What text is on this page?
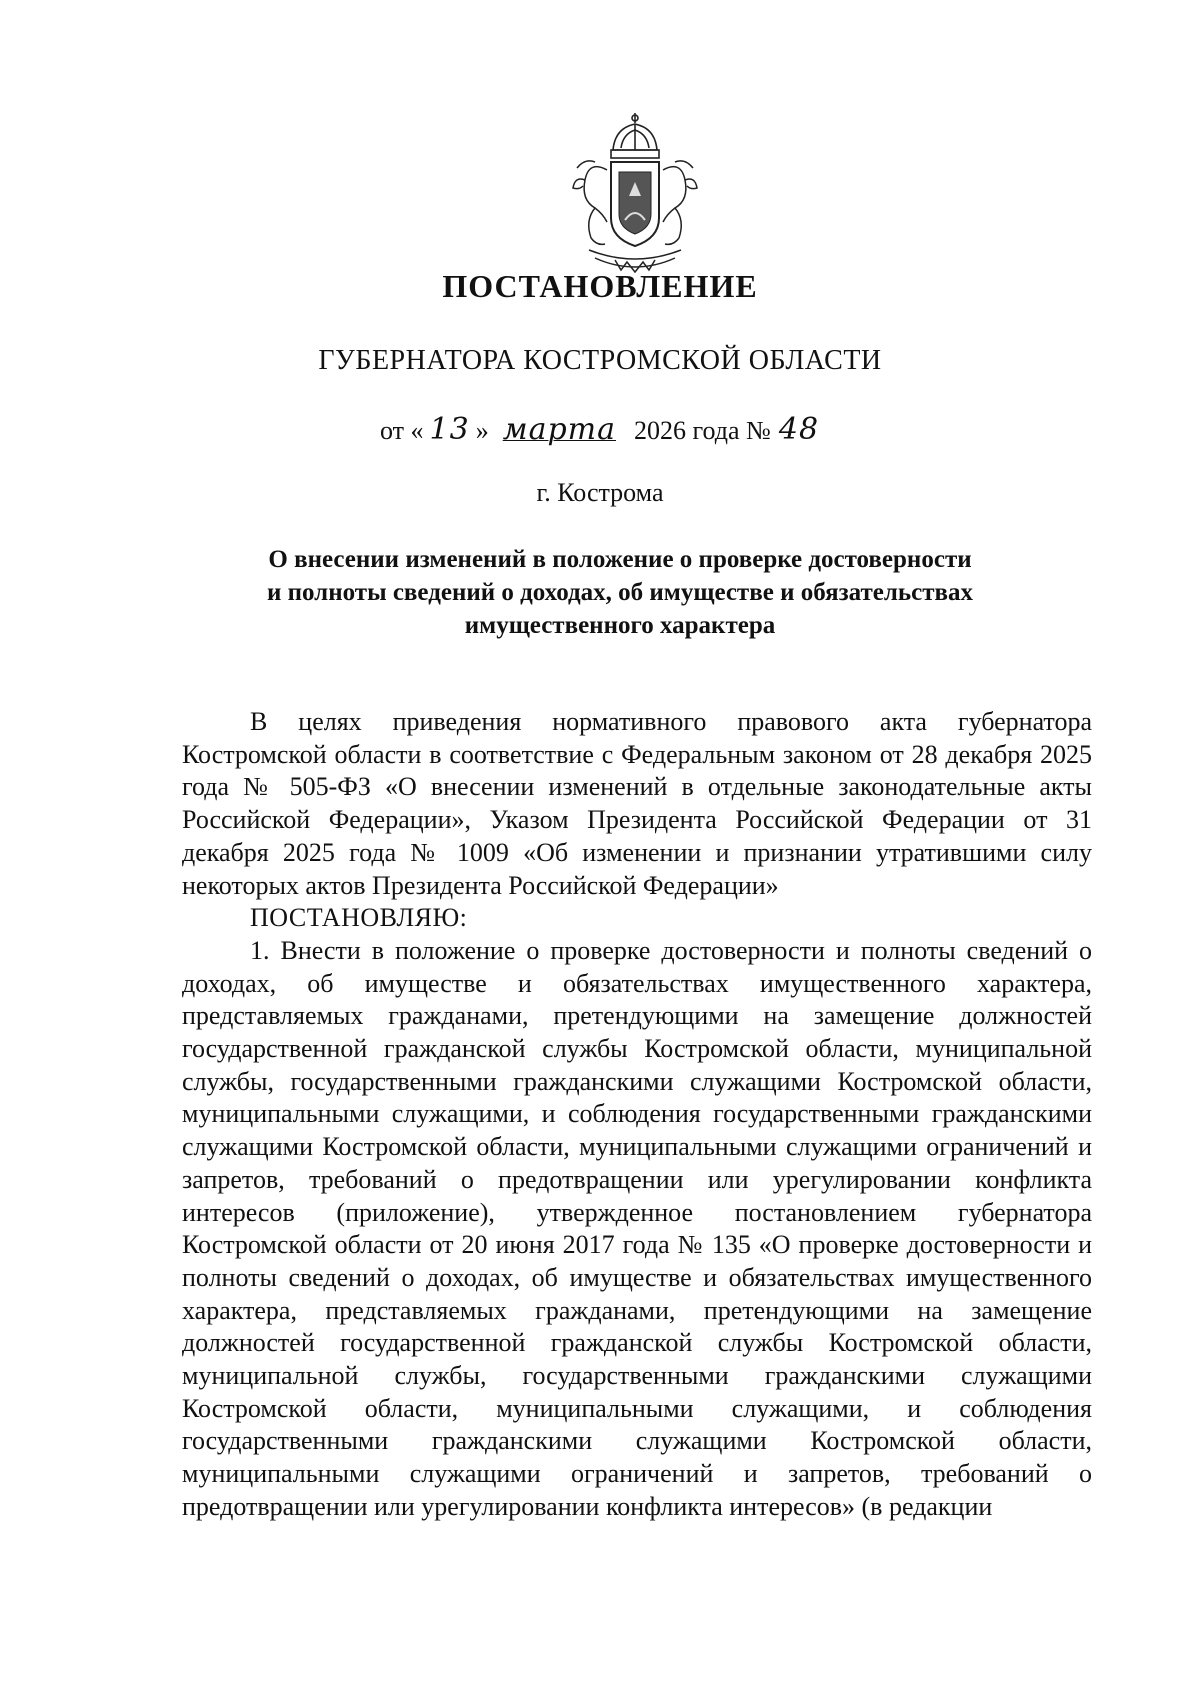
ПОСТАНОВЛЕНИЕ
ГУБЕРНАТОРА КОСТРОМСКОЙ ОБЛАСТИ
от « 13 » марта 2026 года № 48
г. Кострома
О внесении изменений в положение о проверке достоверности
и полноты сведений о доходах, об имуществе и обязательствах
имущественного характера

В целях приведения нормативного правового акта губернатора Костромской области в соответствие с Федеральным законом от 28 декабря 2025 года № 505-ФЗ «О внесении изменений в отдельные законодательные акты Российской Федерации», Указом Президента Российской Федерации от 31 декабря 2025 года № 1009 «Об изменении и признании утратившими силу некоторых актов Президента Российской Федерации»

ПОСТАНОВЛЯЮ:

1. Внести в положение о проверке достоверности и полноты сведений о доходах, об имуществе и обязательствах имущественного характера, представляемых гражданами, претендующими на замещение должностей государственной гражданской службы Костромской области, муниципальной службы, государственными гражданскими служащими Костромской области, муниципальными служащими, и соблюдения государственными гражданскими служащими Костромской области, муниципальными служащими ограничений и запретов, требований о предотвращении или урегулировании конфликта интересов (приложение), утвержденное постановлением губернатора Костромской области от 20 июня 2017 года № 135 «О проверке достоверности и полноты сведений о доходах, об имуществе и обязательствах имущественного характера, представляемых гражданами, претендующими на замещение должностей государственной гражданской службы Костромской области, муниципальной службы, государственными гражданскими служащими Костромской области, муниципальными служащими, и соблюдения государственными гражданскими служащими Костромской области, муниципальными служащими ограничений и запретов, требований о предотвращении или урегулировании конфликта интересов» (в редакции
